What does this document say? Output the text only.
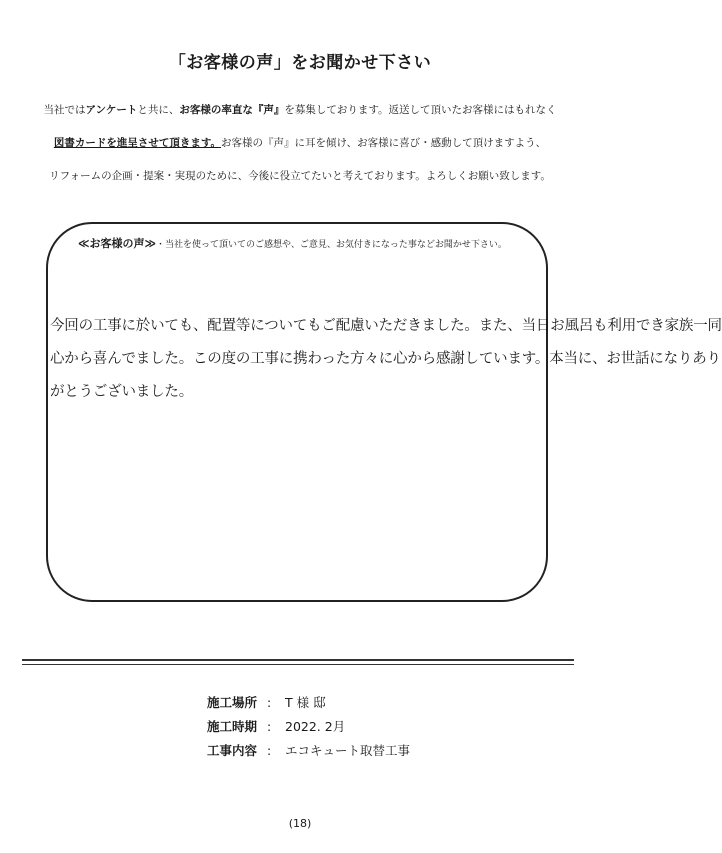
「お客様の声」をお聞かせ下さい
当社ではアンケートと共に、お客様の率直な『声』を募集しております。返送して頂いたお客様にはもれなく
図書カードを進呈させて頂きます。お客様の『声』に耳を傾け、お客様に喜び・感動して頂けますよう、
リフォームの企画・提案・実現のために、今後に役立てたいと考えております。よろしくお願い致します。
≪お客様の声≫・当社を使って頂いてのご感想や、ご意見、お気付きになった事などお聞かせ下さい。
今回の工事に於いても、配置等についてもご配慮いただきました。また、当日お風呂も利用でき家族一同
心から喜んでました。この度の工事に携わった方々に心から感謝しています。本当に、お世話になりあり
がとうございました。
施工場所 : T 様 邸
施工時期 : 2022. 2月
工事内容 : エコキュート取替工事
(18)
